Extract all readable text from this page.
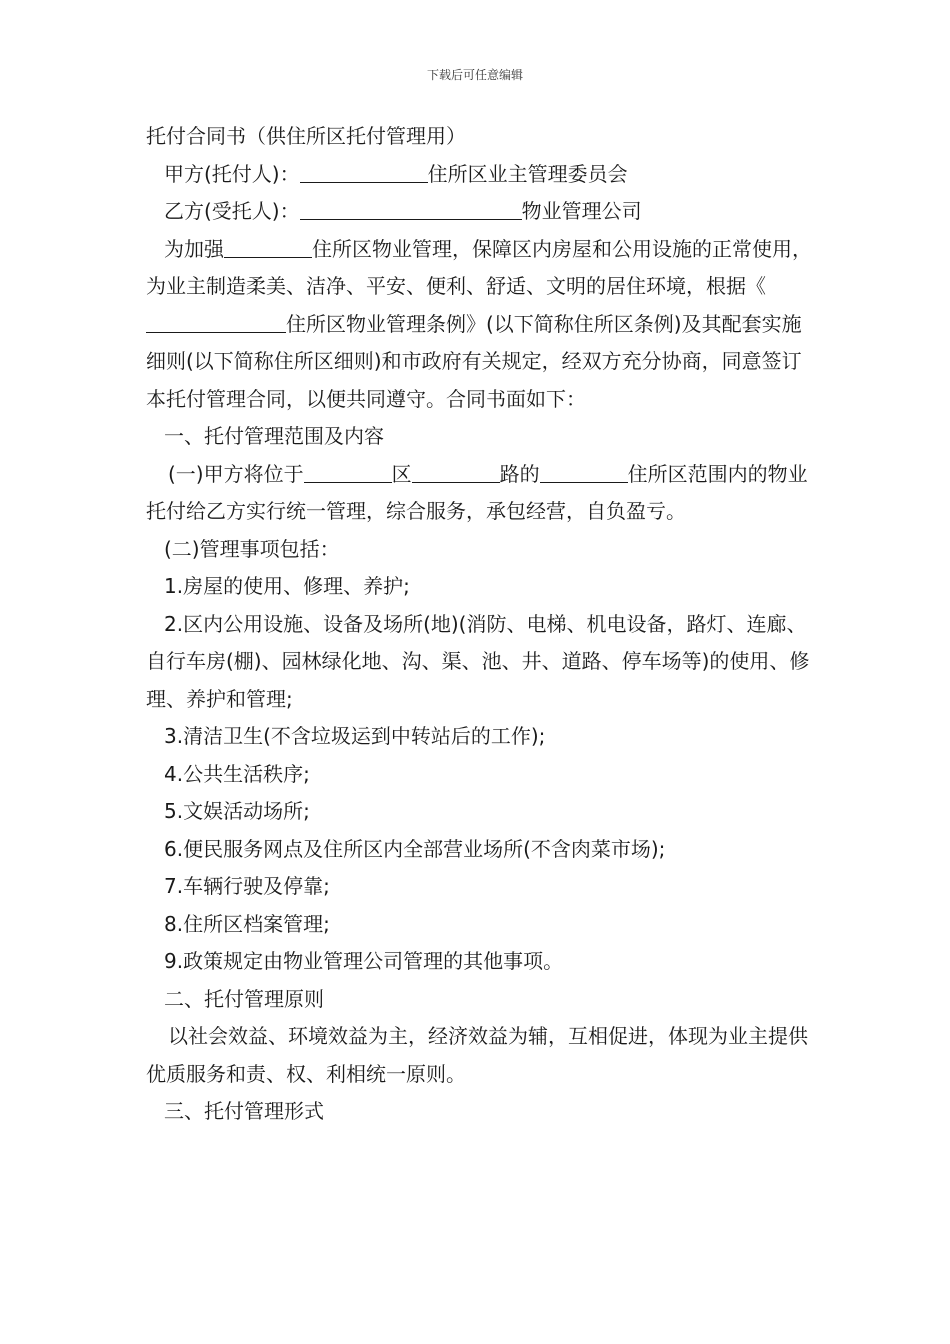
下载后可任意编辑

托付合同书（供住所区托付管理用）

甲方(托付人)：	住所区业主管理委员会

乙方(受托人)：	物业管理公司

为加强	住所区物业管理，保障区内房屋和公用设施的正常使用，为业主制造柔美、洁净、平安、便利、舒适、文明的居住环境，根据《住所区物业管理条例》(以下简称住所区条例)及其配套实施细则(以下简称住所区细则)和市政府有关规定，经双方充分协商，同意签订本托付管理合同，以便共同遵守。合同书面如下：

一、托付管理范围及内容

(一)甲方将位于	区	路的	住所区范围内的物业托付给乙方实行统一管理，综合服务，承包经营，自负盈亏。

(二)管理事项包括：

1.房屋的使用、修理、养护;

2.区内公用设施、设备及场所(地)(消防、电梯、机电设备，路灯、连廊、自行车房(棚)、园林绿化地、沟、渠、池、井、道路、停车场等)的使用、修理、养护和管理;

3.清洁卫生(不含垃圾运到中转站后的工作);

4.公共生活秩序;

5.文娱活动场所;

6.便民服务网点及住所区内全部营业场所(不含肉菜市场);

7.车辆行驶及停靠;

8.住所区档案管理;

9.政策规定由物业管理公司管理的其他事项。

二、托付管理原则

以社会效益、环境效益为主，经济效益为辅，互相促进，体现为业主提供优质服务和责、权、利相统一原则。

三、托付管理形式
